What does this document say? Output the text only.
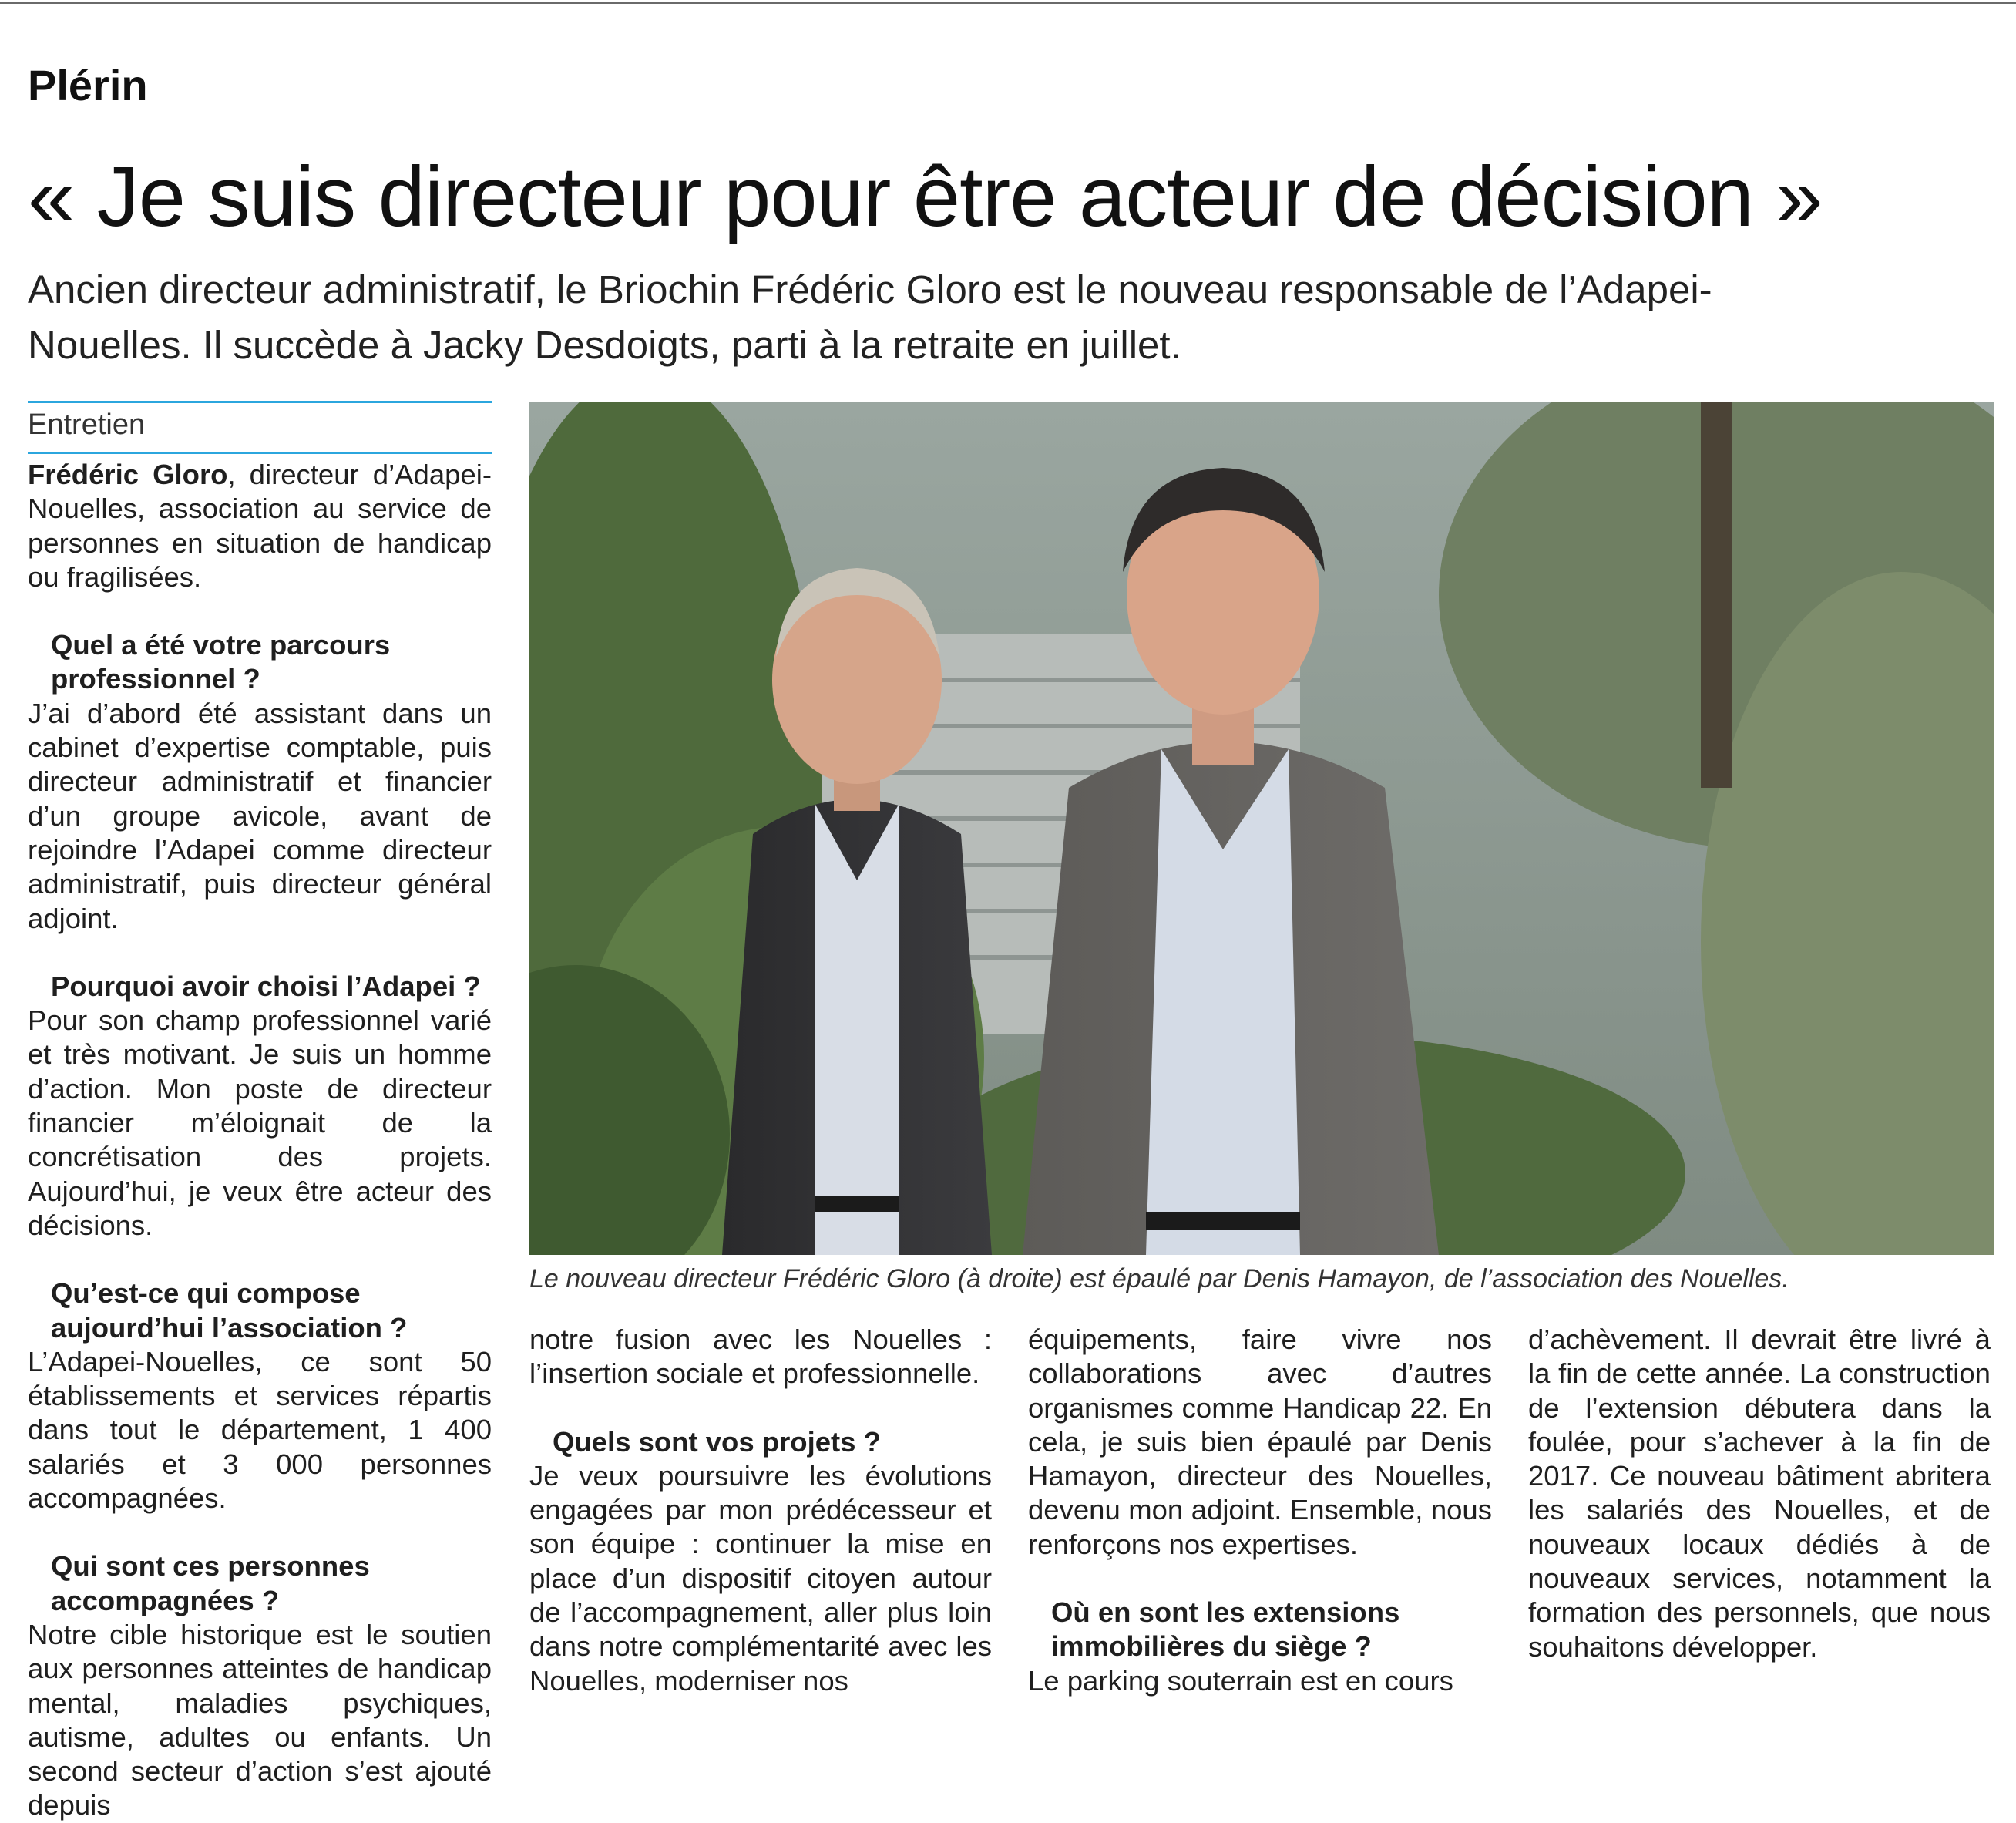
Plérin
« Je suis directeur pour être acteur de décision »
Ancien directeur administratif, le Briochin Frédéric Gloro est le nouveau responsable de l’Adapei-Nouelles. Il succède à Jacky Desdoigts, parti à la retraite en juillet.
Entretien

Frédéric Gloro, directeur d’Adapei-Nouelles, association au service de personnes en situation de handicap ou fragilisées.

Quel a été votre parcours professionnel ?

J’ai d’abord été assistant dans un cabinet d’expertise comptable, puis directeur administratif et financier d’un groupe avicole, avant de rejoindre l’Adapei comme directeur administratif, puis directeur général adjoint.

Pourquoi avoir choisi l’Adapei ?

Pour son champ professionnel varié et très motivant. Je suis un homme d’action. Mon poste de directeur financier m’éloignait de la concrétisation des projets. Aujourd’hui, je veux être acteur des décisions.

Qu’est-ce qui compose aujourd’hui l’association ?

L’Adapei-Nouelles, ce sont 50 établissements et services répartis dans tout le département, 1 400 salariés et 3 000 personnes accompagnées.

Qui sont ces personnes accompagnées ?

Notre cible historique est le soutien aux personnes atteintes de handicap mental, maladies psychiques, autisme, adultes ou enfants. Un second secteur d’action s’est ajouté depuis

Le nouveau directeur Frédéric Gloro (à droite) est épaulé par Denis Hamayon, de l’association des Nouelles.

notre fusion avec les Nouelles : l’insertion sociale et professionnelle.

Quels sont vos projets ?

Je veux poursuivre les évolutions engagées par mon prédécesseur et son équipe : continuer la mise en place d’un dispositif citoyen autour de l’accompagnement, aller plus loin dans notre complémentarité avec les Nouelles, moderniser nos

équipements, faire vivre nos collaborations avec d’autres organismes comme Handicap 22. En cela, je suis bien épaulé par Denis Hamayon, directeur des Nouelles, devenu mon adjoint. Ensemble, nous renforçons nos expertises.

Où en sont les extensions immobilières du siège ?

Le parking souterrain est en cours

d’achèvement. Il devrait être livré à la fin de cette année. La construction de l’extension débutera dans la foulée, pour s’achever à la fin de 2017. Ce nouveau bâtiment abritera les salariés des Nouelles, et de nouveaux locaux dédiés à de nouveaux services, notamment la formation des personnels, que nous souhaitons développer.
